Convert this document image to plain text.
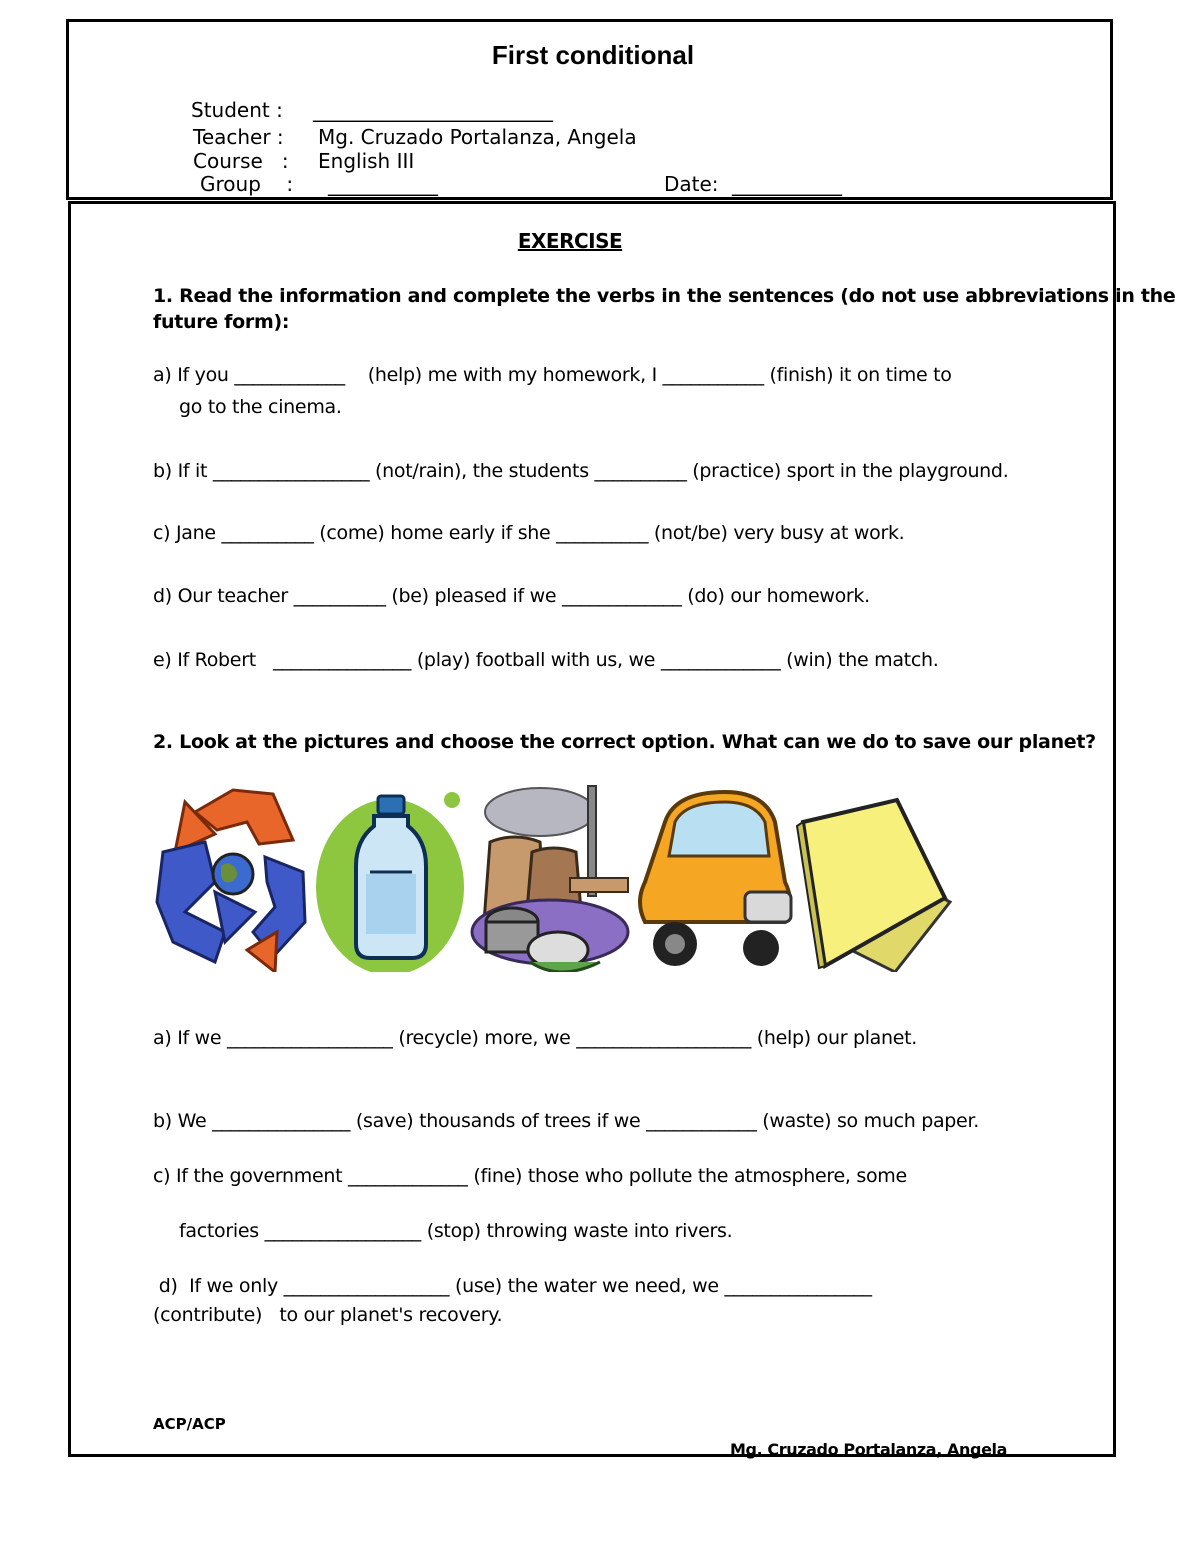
First conditional
Student : ________________________
Teacher : Mg. Cruzado Portalanza, Angela
Course   : English III
Group    : ___________	Date: ___________
EXERCISE
1. Read the information and complete the verbs in the sentences (do not use abbreviations in the
future form):
a) If you ____________    (help) me with my homework, I ___________ (finish) it on time to
go to the cinema.
b) If it _________________ (not/rain), the students __________ (practice) sport in the playground.
c) Jane __________ (come) home early if she __________ (not/be) very busy at work.
d) Our teacher __________ (be) pleased if we _____________ (do) our homework.
e) If Robert   _______________ (play) football with us, we _____________ (win) the match.
2. Look at the pictures and choose the correct option. What can we do to save our planet?
a) If we __________________ (recycle) more, we ___________________ (help) our planet.
b) We _______________ (save) thousands of trees if we ____________ (waste) so much paper.
c) If the government _____________ (fine) those who pollute the atmosphere, some
factories _________________ (stop) throwing waste into rivers.
d)  If we only __________________ (use) the water we need, we ________________
(contribute)   to our planet's recovery.
ACP/ACP
Mg. Cruzado Portalanza, Angela
